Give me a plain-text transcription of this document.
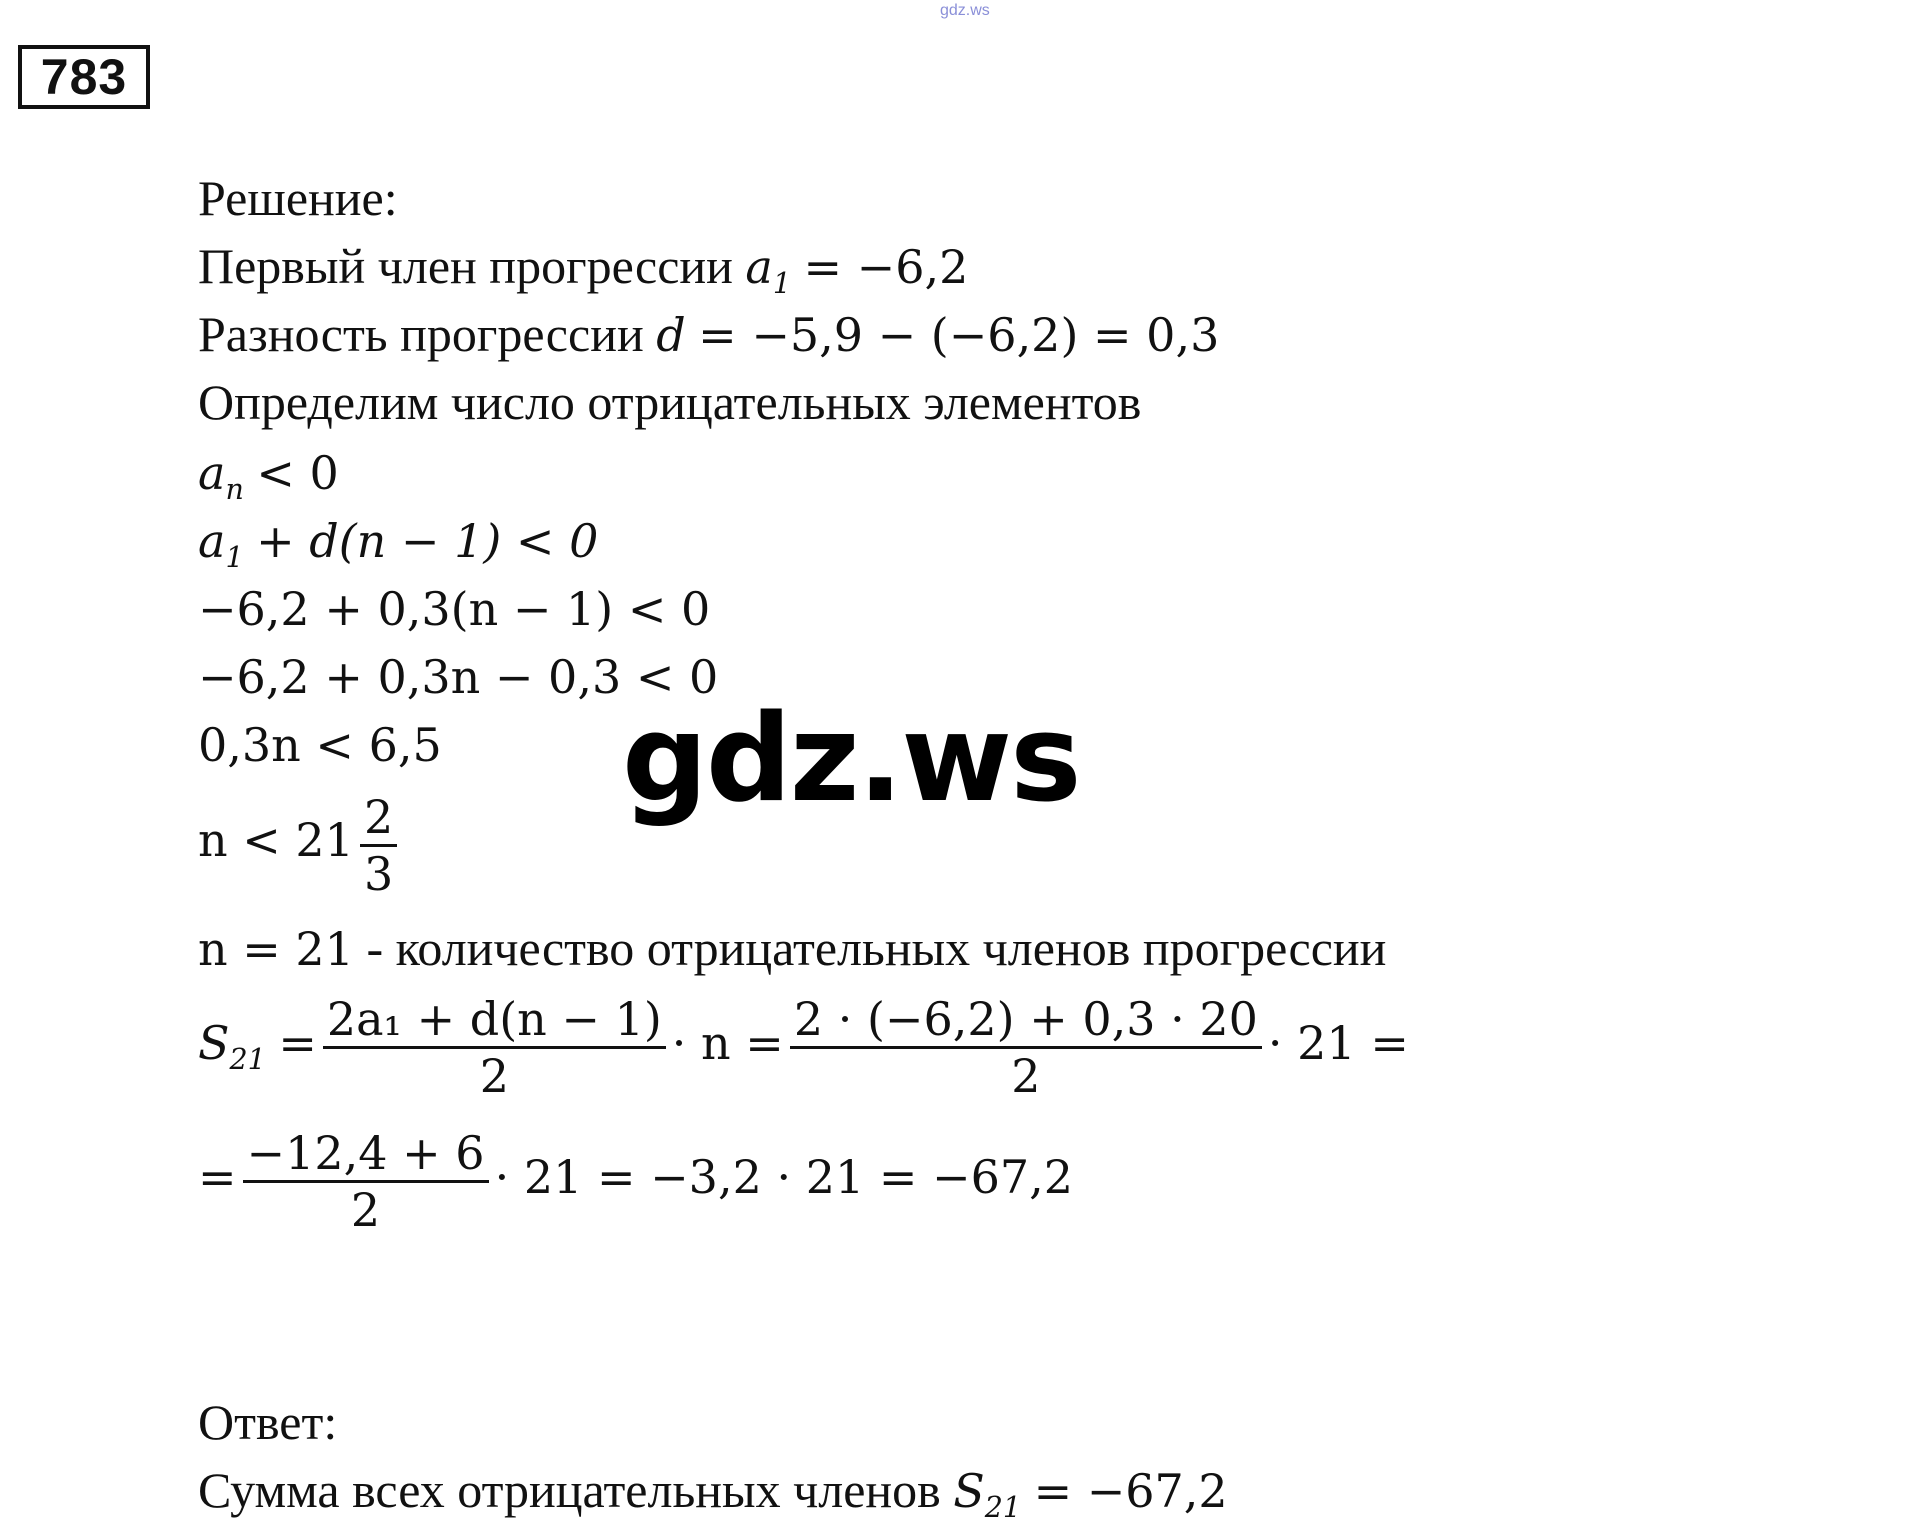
gdz.ws
783
Решение:
Первый член прогрессии $a_1 = -6,2$
Разность прогрессии d = −5,9 − (−6,2) = 0,3
Определим число отрицательных элементов
$a_n < 0$
$a_1 + d(n - 1) < 0$
−6,2 + 0,3(n − 1) < 0
−6,2 + 0,3n − 0,3 < 0
0,3n < 6,5
$n < 21 \frac{2}{3}$
n = 21 - количество отрицательных членов прогрессии
$S_{21} = \frac{\text{2a₁ + d(n − 1)}}{2} \cdot n = \frac{2 \cdot (-6,2) + 0,3 \cdot 20}{2} \cdot 21$ =
= $\frac{-12,4 + 6}{2} \cdot 21 = -3,2 \cdot 21 = -67,2$
Ответ:
Сумма всех отрицательных членов $S_{21} = -67,2$
gdz.ws
